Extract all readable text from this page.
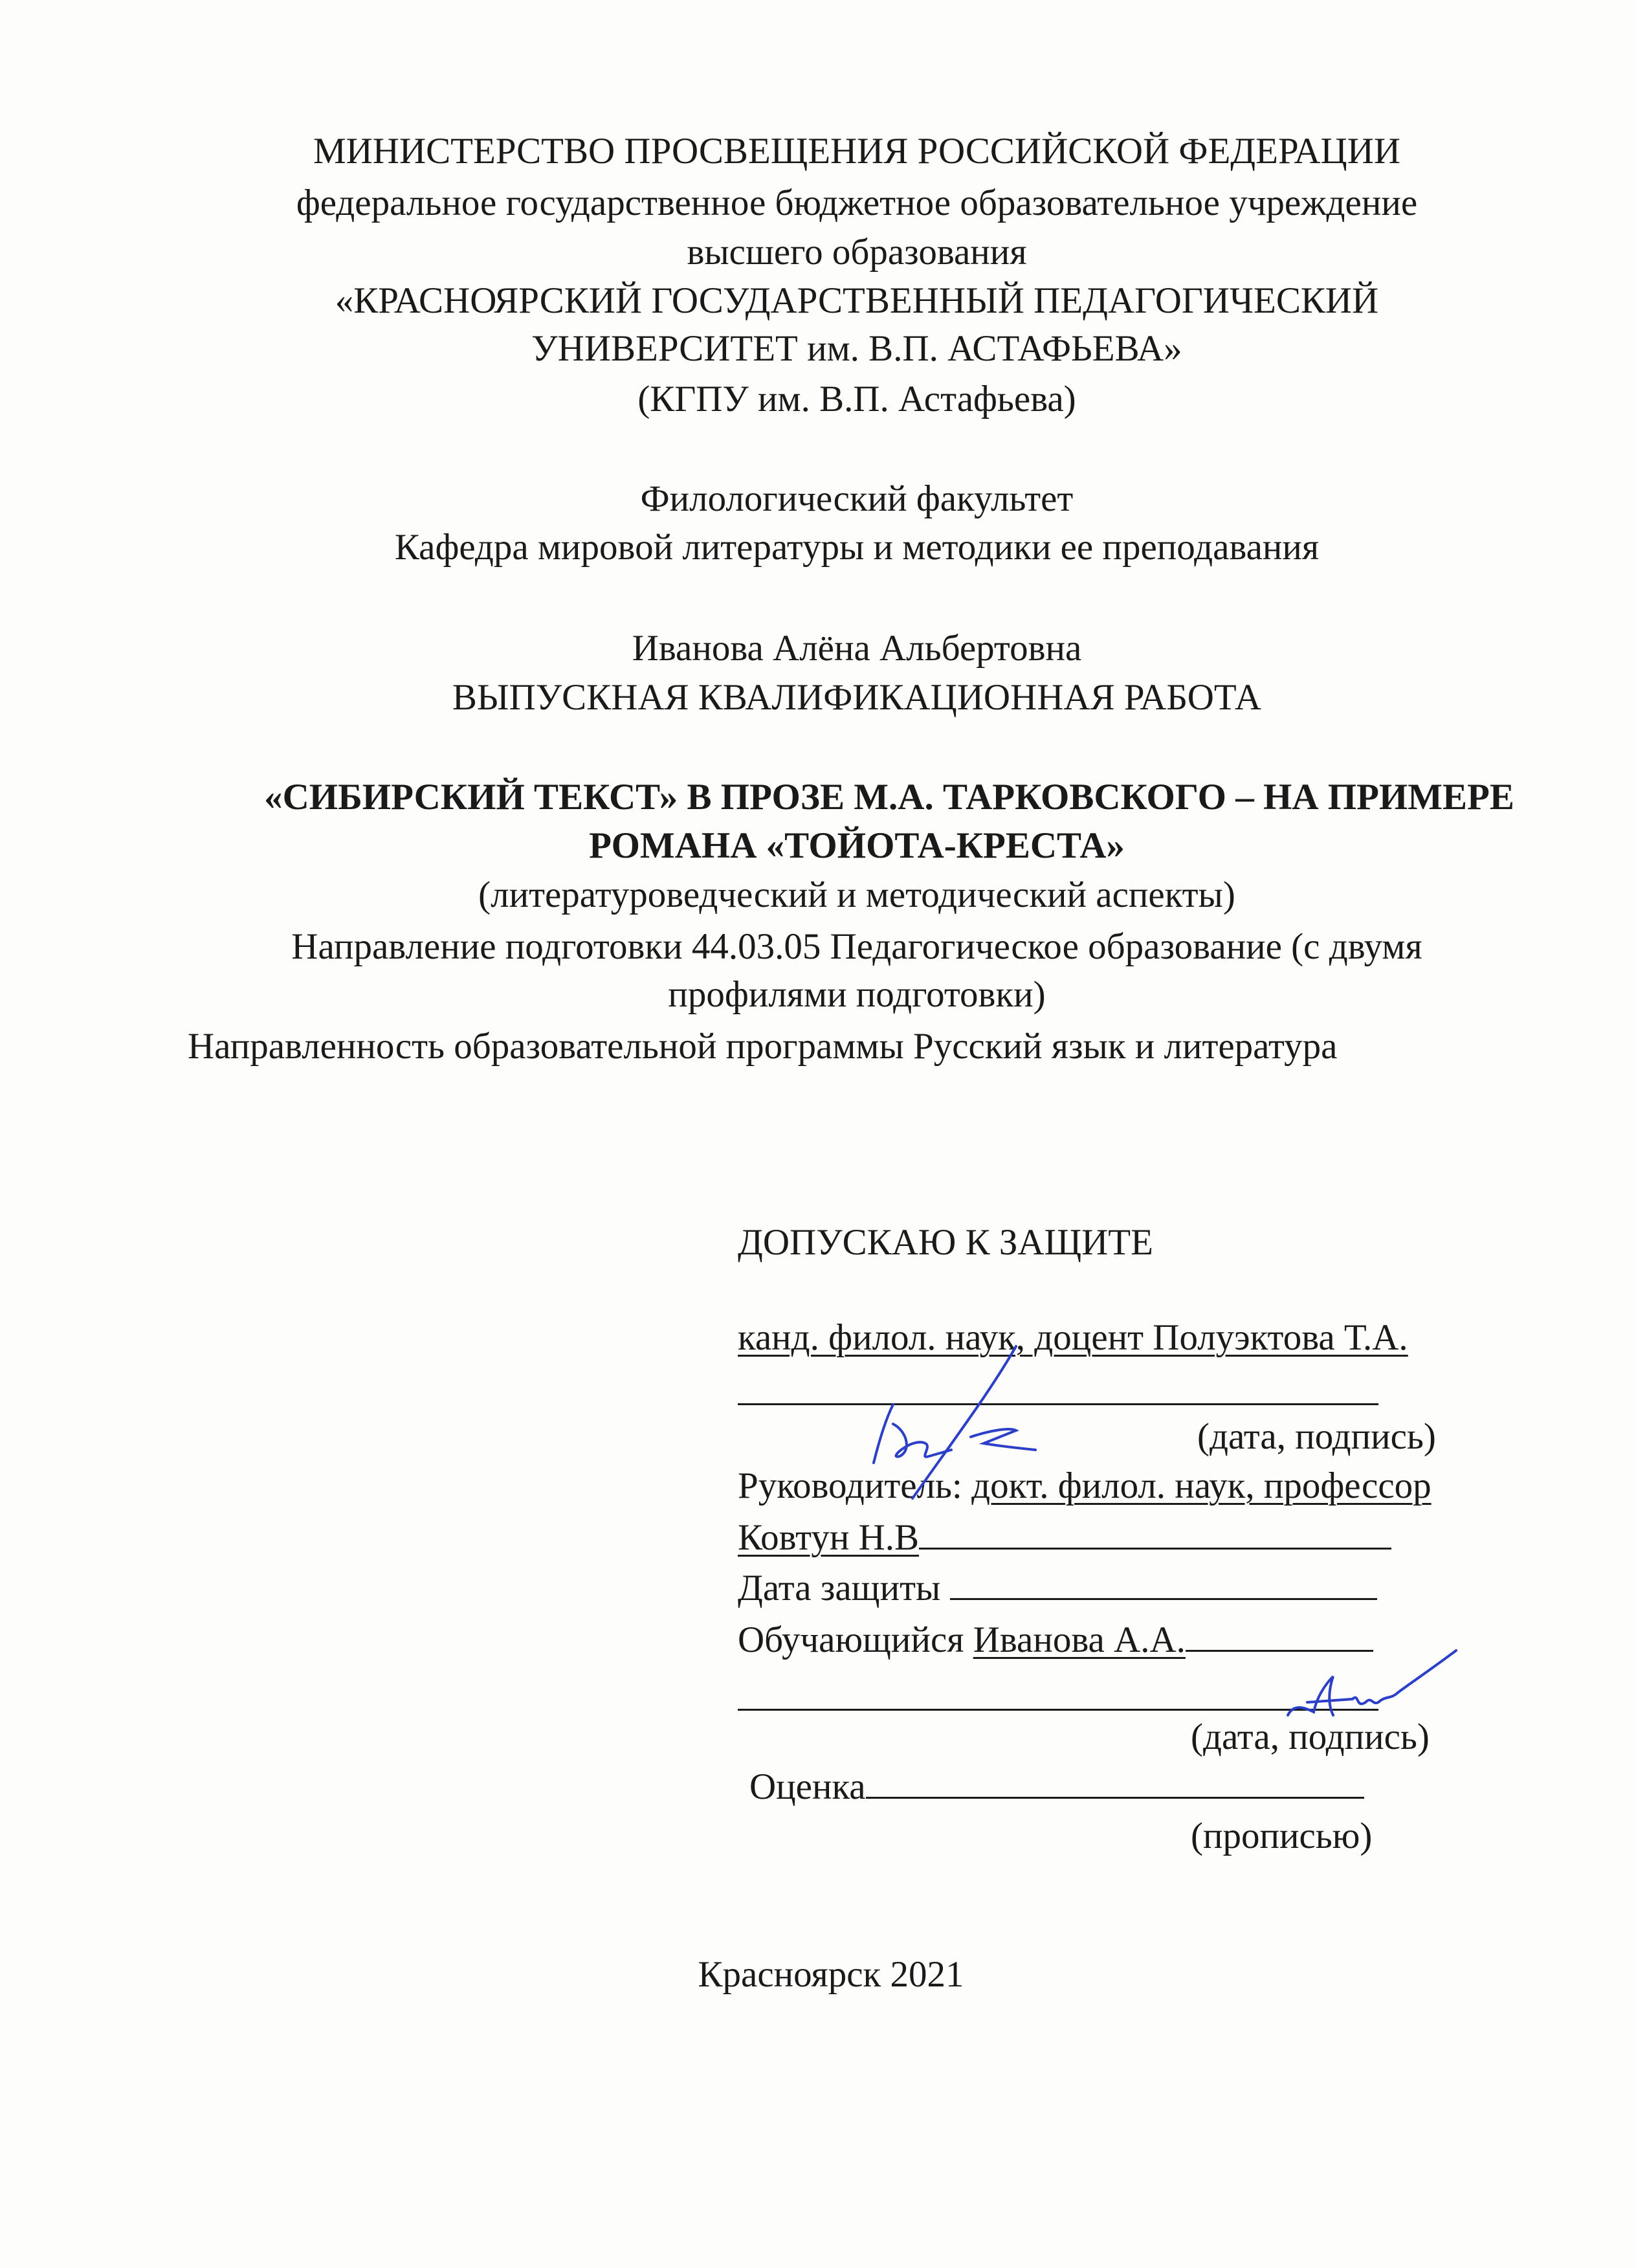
МИНИСТЕРСТВО ПРОСВЕЩЕНИЯ РОССИЙСКОЙ ФЕДЕРАЦИИ
федеральное государственное бюджетное образовательное учреждение
высшего образования
«КРАСНОЯРСКИЙ ГОСУДАРСТВЕННЫЙ ПЕДАГОГИЧЕСКИЙ
УНИВЕРСИТЕТ им. В.П. АСТАФЬЕВА»
(КГПУ им. В.П. Астафьева)
Филологический факультет
Кафедра мировой литературы и методики ее преподавания
Иванова Алёна Альбертовна
ВЫПУСКНАЯ КВАЛИФИКАЦИОННАЯ РАБОТА
«СИБИРСКИЙ ТЕКСТ» В ПРОЗЕ М.А. ТАРКОВСКОГО – НА ПРИМЕРЕ
РОМАНА «ТОЙОТА-КРЕСТА»
(литературоведческий и методический аспекты)
Направление подготовки 44.03.05 Педагогическое образование (с двумя
профилями подготовки)
Направленность образовательной программы Русский язык и литература
ДОПУСКАЮ К ЗАЩИТЕ
канд. филол. наук, доцент Полуэктова Т.А.
(дата, подпись)
Руководитель: докт. филол. наук, профессор
Ковтун Н.В
Дата защиты
Обучающийся Иванова А.А.
(дата, подпись)
Оценка
(прописью)
Красноярск 2021
